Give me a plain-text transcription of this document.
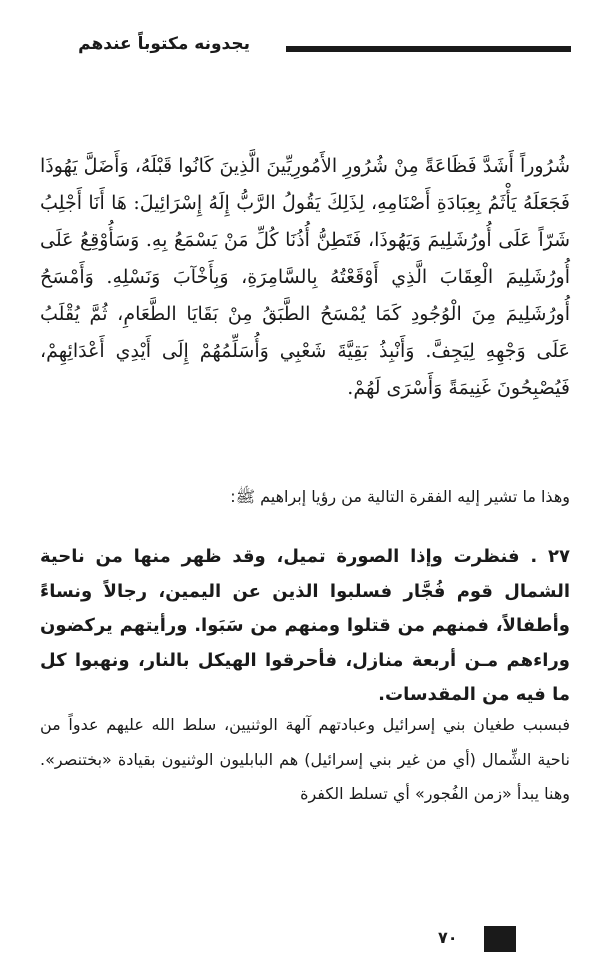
يجدونه مكتوباً عندهم

شُرُوراً أَشَدَّ فَظَاعَةً مِنْ شُرُورِ الأَمُورِيِّينَ الَّذِينَ كَانُوا قَبْلَهُ، وَأَضَلَّ يَهُوذَا فَجَعَلَهُ يَأْثَمُ بِعِبَادَةِ أَصْنَامِهِ، لِذَلِكَ يَقُولُ الرَّبُّ إِلَهُ إِسْرَائِيلَ: هَا أَنَا أَجْلِبُ شَرّاً عَلَى أُورُشَلِيمَ وَيَهُوذَا، فَتَطِنُّ أُذُنَا كُلِّ مَنْ يَسْمَعُ بِهِ. وَسَأُوْقِعُ عَلَى أُورُشَلِيمَ الْعِقَابَ الَّذِي أَوْقَعْتُهُ بِالسَّامِرَةِ، وَبِأَخْآبَ وَنَسْلِهِ. وَأَمْسَحُ أُورُشَلِيمَ مِنَ الْوُجُودِ كَمَا يُمْسَحُ الطَّبَقُ مِنْ بَقَايَا الطَّعَامِ، ثُمَّ يُقْلَبُ عَلَى وَجْهِهِ لِيَجِفَّ. وَأَنْبِذُ بَقِيَّةَ شَعْبِي وَأُسَلِّمُهُمْ إِلَى أَيْدِي أَعْدَائِهِمْ، فَيُصْبِحُونَ غَنِيمَةً وَأَسْرَى لَهُمْ.

وهذا ما تشير إليه الفقرة التالية من رؤيا إبراهيم ﷺ:

٢٧ . فنظرت وإذا الصورة تميل، وقد ظهر منها من ناحية الشمال قوم فُجَّار فسلبوا الذين عن اليمين، رجالاً ونساءً وأطفالاً، فمنهم من قتلوا ومنهم من سَبَوا. ورأيتهم يركضون وراءهم مـن أربعة منازل، فأحرقوا الهيكل بالنار، ونهبوا كل ما فيه من المقدسات.

فبسبب طغيان بني إسرائيل وعبادتهم آلهة الوثنيين، سلط الله عليهم عدواً من ناحية الشِّمال (أي من غير بني إسرائيل) هم البابليون الوثنيون بقيادة «بختنصر». وهنا يبدأ «زمن الفُجور» أي تسلط الكفرة

٧٠
